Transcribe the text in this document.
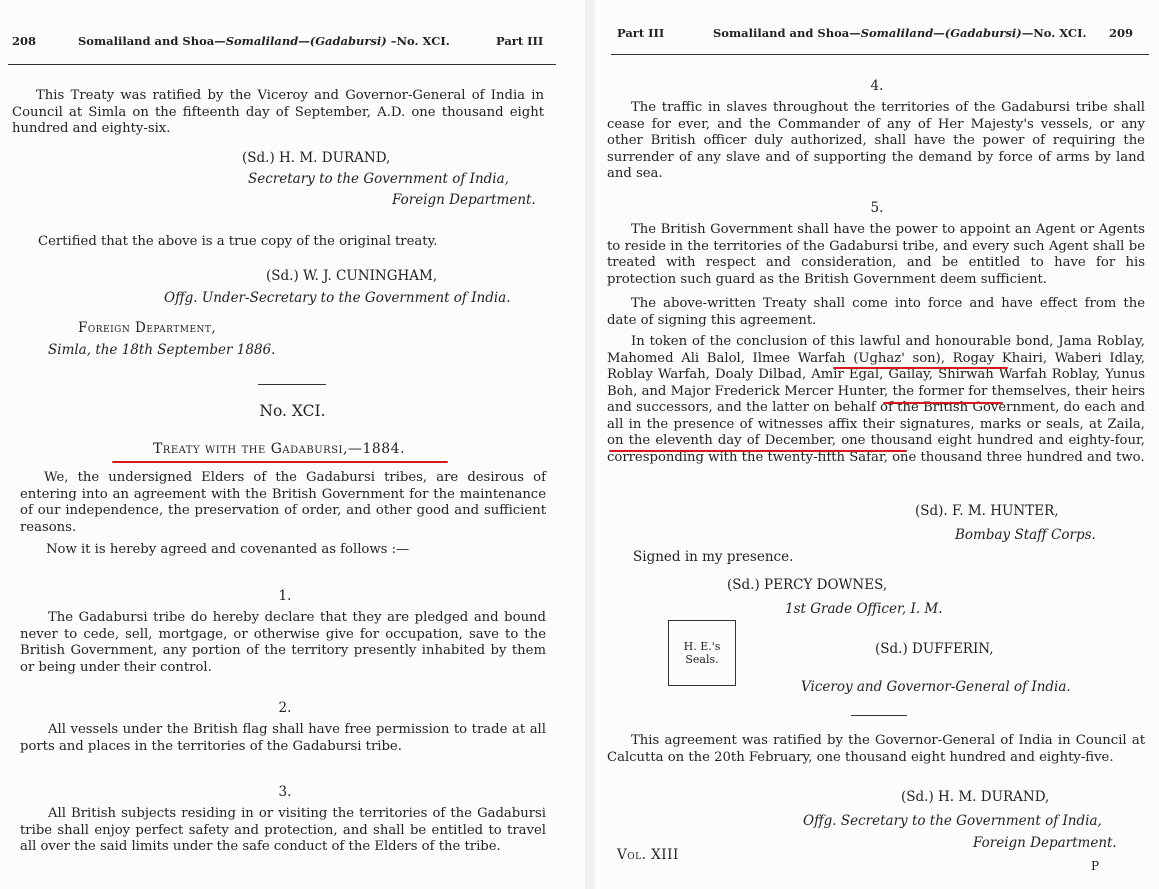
208	Somaliland and Shoa—Somaliland—(Gadabursi) –No. XCI.	Part III

This Treaty was ratified by the Viceroy and Governor-General of India in Council at Simla on the fifteenth day of September, A.D. one thousand eight hundred and eighty-six.

(Sd.) H. M. DURAND,
Secretary to the Government of India,
Foreign Department.

Certified that the above is a true copy of the original treaty.

(Sd.) W. J. CUNINGHAM,
Offg. Under-Secretary to the Government of India.
Foreign Department,
Simla, the 18th September 1886.
No. XCI.
Treaty with the Gadabursi,—1884.

We, the undersigned Elders of the Gadabursi tribes, are desirous of entering into an agreement with the British Government for the maintenance of our independence, the preservation of order, and other good and sufficient reasons.

Now it is hereby agreed and covenanted as follows :—

1.

The Gadabursi tribe do hereby declare that they are pledged and bound never to cede, sell, mortgage, or otherwise give for occupation, save to the British Government, any portion of the territory presently inhabited by them or being under their control.

2.

All vessels under the British flag shall have free permission to trade at all ports and places in the territories of the Gadabursi tribe.

3.

All British subjects residing in or visiting the territories of the Gadabursi tribe shall enjoy perfect safety and protection, and shall be entitled to travel all over the said limits under the safe conduct of the Elders of the tribe.

Part III	Somaliland and Shoa—Somaliland—(Gadabursi)—No. XCI. 209
4.

The traffic in slaves throughout the territories of the Gadabursi tribe shall cease for ever, and the Commander of any of Her Majesty's vessels, or any other British officer duly authorized, shall have the power of requiring the surrender of any slave and of supporting the demand by force of arms by land and sea.

5.

The British Government shall have the power to appoint an Agent or Agents to reside in the territories of the Gadabursi tribe, and every such Agent shall be treated with respect and consideration, and be entitled to have for his protection such guard as the British Government deem sufficient.

The above-written Treaty shall come into force and have effect from the date of signing this agreement.

In token of the conclusion of this lawful and honourable bond, Jama Roblay, Mahomed Ali Balol, Ilmee Warfah (Ughaz' son), Rogay Khairi, Waberi Idlay, Roblay Warfah, Doaly Dilbad, Amir Egal, Gailay, Shirwah Warfah Roblay, Yunus Boh, and Major Frederick Mercer Hunter, the former for themselves, their heirs and successors, and the latter on behalf of the British Government, do each and all in the presence of witnesses affix their signatures, marks or seals, at Zaila, on the eleventh day of December, one thousand eight hundred and eighty-four, corresponding with the twenty-fifth Safar, one thousand three hundred and two.

(Sd). F. M. HUNTER,
Bombay Staff Corps.
Signed in my presence.
(Sd.) PERCY DOWNES,
1st Grade Officer, I. M.
H. E.'s Seals.
(Sd.) DUFFERIN,
Viceroy and Governor-General of India.

This agreement was ratified by the Governor-General of India in Council at Calcutta on the 20th February, one thousand eight hundred and eighty-five.

(Sd.) H. M. DURAND,
Offg. Secretary to the Government of India,
Foreign Department.
Vol. XIII
P
